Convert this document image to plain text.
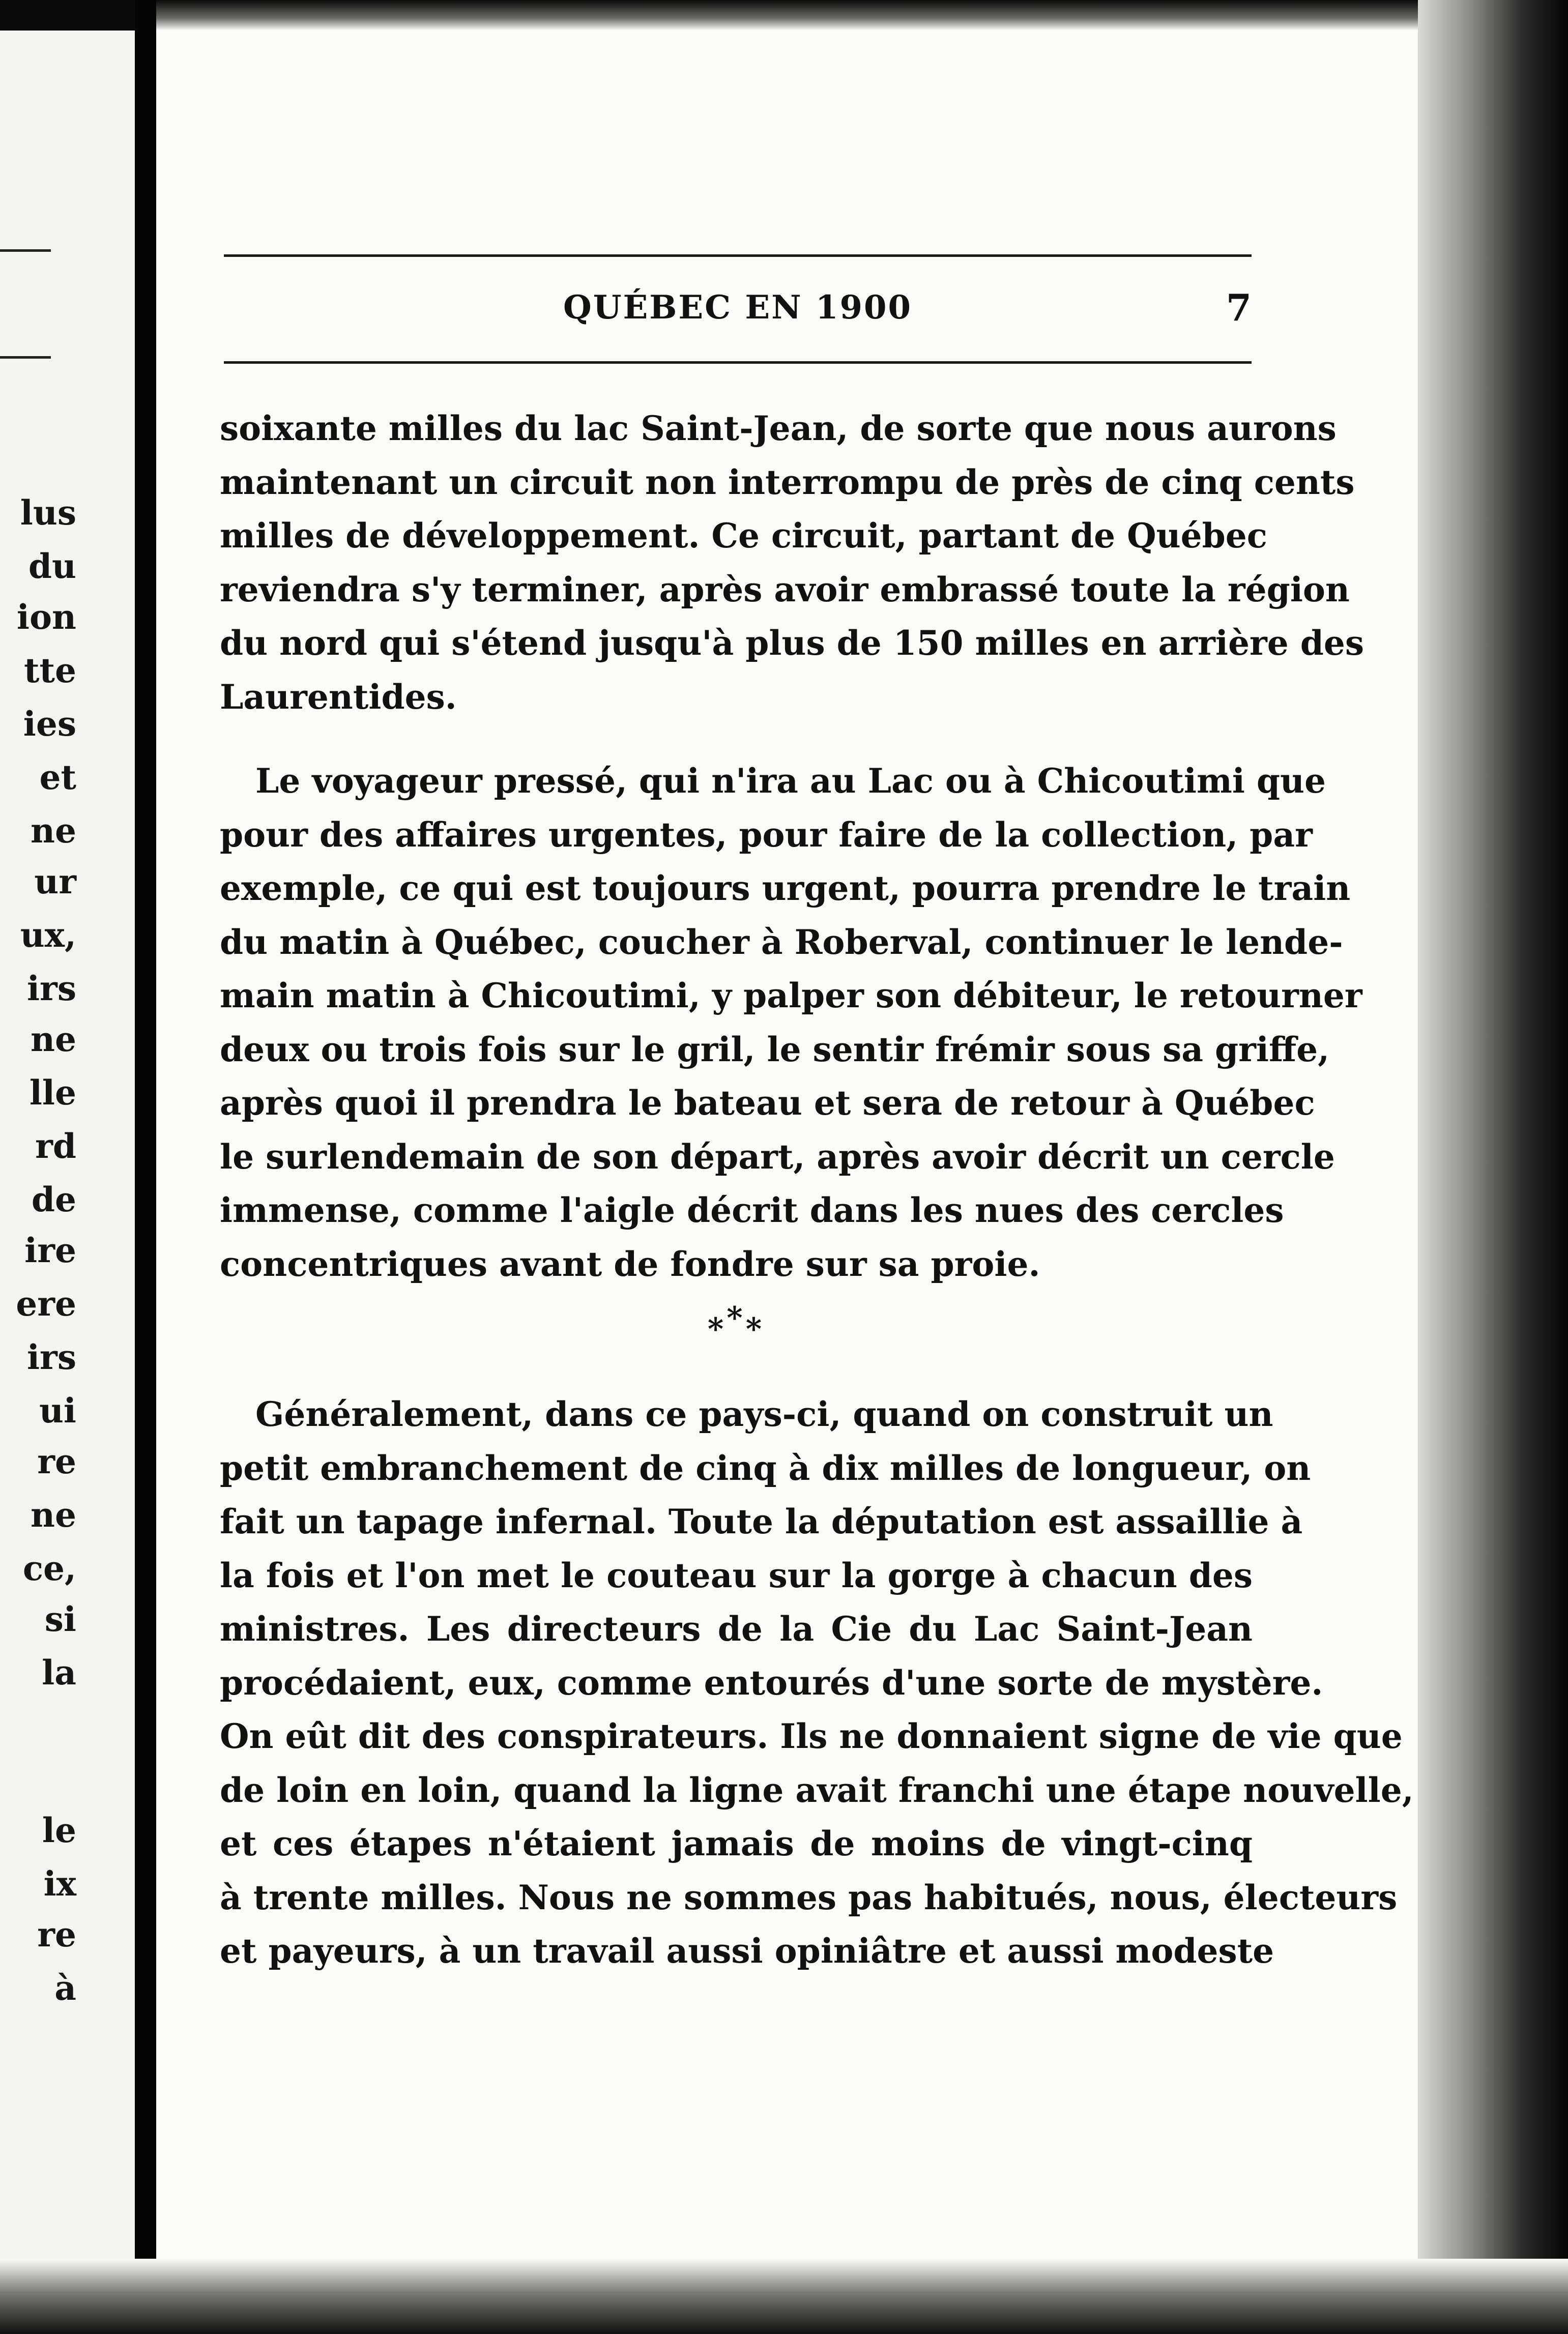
lus
du
ion
tte
ies
et
ne
ur
ux,
irs
ne
lle
rd
de
ire
ere
irs
ui
re
ne
ce,
si
la
le
ix
re
à
QUÉBEC EN 1900	7
soixante milles du lac Saint-Jean, de sorte que nous aurons
maintenant un circuit non interrompu de près de cinq cents
milles de développement. Ce circuit, partant de Québec
reviendra s'y terminer, après avoir embrassé toute la région
du nord qui s'étend jusqu'à plus de 150 milles en arrière des
Laurentides.
Le voyageur pressé, qui n'ira au Lac ou à Chicoutimi que
pour des affaires urgentes, pour faire de la collection, par
exemple, ce qui est toujours urgent, pourra prendre le train
du matin à Québec, coucher à Roberval, continuer le lende-
main matin à Chicoutimi, y palper son débiteur, le retourner
deux ou trois fois sur le gril, le sentir frémir sous sa griffe,
après quoi il prendra le bateau et sera de retour à Québec
le surlendemain de son départ, après avoir décrit un cercle
immense, comme l'aigle décrit dans les nues des cercles
concentriques avant de fondre sur sa proie.
***
Généralement, dans ce pays-ci, quand on construit un
petit embranchement de cinq à dix milles de longueur, on
fait un tapage infernal. Toute la députation est assaillie à
la fois et l'on met le couteau sur la gorge à chacun des
ministres. Les directeurs de la Cie du Lac Saint-Jean
procédaient, eux, comme entourés d'une sorte de mystère.
On eût dit des conspirateurs. Ils ne donnaient signe de vie que
de loin en loin, quand la ligne avait franchi une étape nouvelle,
et ces étapes n'étaient jamais de moins de vingt-cinq
à trente milles. Nous ne sommes pas habitués, nous, électeurs
et payeurs, à un travail aussi opiniâtre et aussi modeste
